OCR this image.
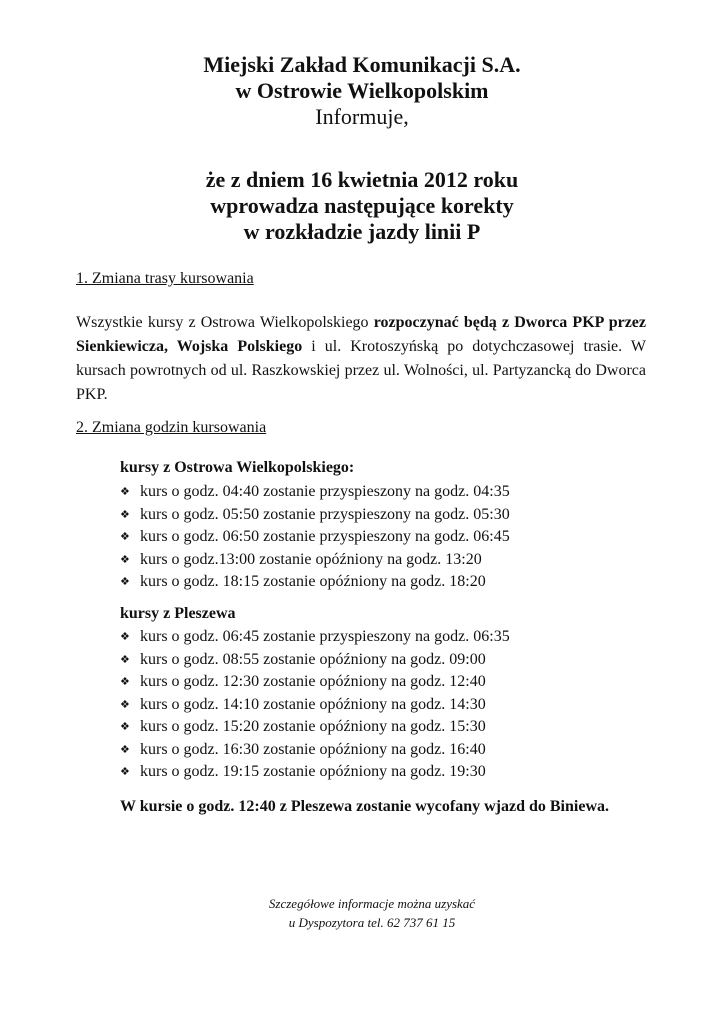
Miejski Zakład Komunikacji S.A.
w Ostrowie Wielkopolskim
Informuje,
że z dniem 16 kwietnia 2012 roku
wprowadza następujące korekty
w rozkładzie jazdy linii P
1. Zmiana trasy kursowania
Wszystkie kursy z Ostrowa Wielkopolskiego rozpoczynać będą z Dworca PKP przez Sienkiewicza, Wojska Polskiego i ul. Krotoszyńską po dotychczasowej trasie. W kursach powrotnych od ul. Raszkowskiej przez ul. Wolności, ul. Partyzancką do Dworca PKP.
2. Zmiana godzin kursowania
kursy z Ostrowa Wielkopolskiego:
❖ kurs o godz. 04:40 zostanie przyspieszony na godz. 04:35
❖ kurs o godz. 05:50 zostanie przyspieszony na godz. 05:30
❖ kurs o godz. 06:50 zostanie przyspieszony na godz. 06:45
❖ kurs o godz.13:00 zostanie opóźniony na godz. 13:20
❖ kurs o godz. 18:15 zostanie opóźniony na godz. 18:20
kursy z Pleszewa
❖ kurs o godz. 06:45 zostanie przyspieszony na godz. 06:35
❖ kurs o godz. 08:55 zostanie opóźniony na godz. 09:00
❖ kurs o godz. 12:30 zostanie opóźniony na godz. 12:40
❖ kurs o godz. 14:10 zostanie opóźniony na godz. 14:30
❖ kurs o godz. 15:20 zostanie opóźniony na godz. 15:30
❖ kurs o godz. 16:30 zostanie opóźniony na godz. 16:40
❖ kurs o godz. 19:15 zostanie opóźniony na godz. 19:30
W kursie o godz. 12:40 z Pleszewa zostanie wycofany wjazd do Biniewa.
Szczegółowe informacje można uzyskać
u Dyspozytora tel. 62 737 61 15
